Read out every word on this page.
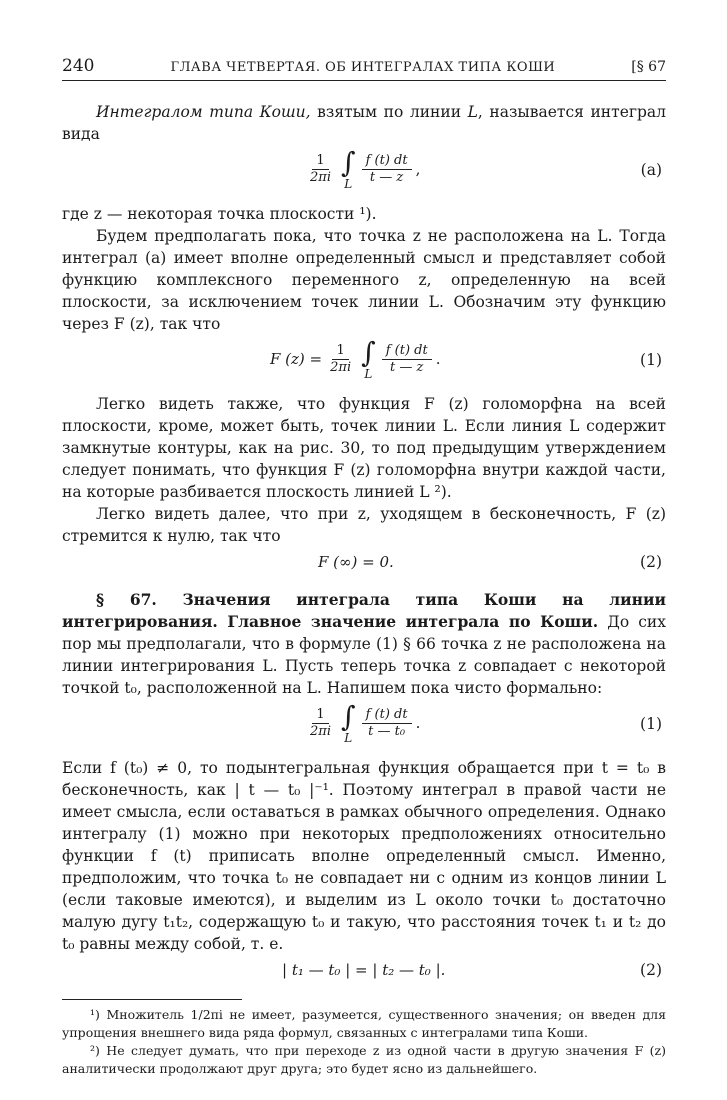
240	ГЛАВА ЧЕТВЕРТАЯ. ОБ ИНТЕГРАЛАХ ТИПА КОШИ	[§ 67

Интегралом типа Коши, взятым по линии L, называется интеграл вида

$\frac{1}{2\pi i}$ ∫
L $\frac{f (t) dt}{t — z}$ ,	(a)

где z — некоторая точка плоскости ¹).

Будем предполагать пока, что точка z не расположена на L. Тогда интеграл (a) имеет вполне определенный смысл и представляет собой функцию комплексного переменного z, определенную на всей плоскости, за исключением точек линии L. Обозначим эту функцию через F (z), так что

F $(z) = \frac{1}{2\pi i}$ ∫
L $\frac{f (t) dt}{t — z}$ .	(1)

Легко видеть также, что функция F (z) голоморфна на всей плоскости, кроме, может быть, точек линии L. Если линия L содержит замкнутые контуры, как на рис. 30, то под предыдущим утверждением следует понимать, что функция F (z) голоморфна внутри каждой части, на которые разбивается плоскость линией L ²).

Легко видеть далее, что при z, уходящем в бесконечность, F (z) стремится к нулю, так что

F (∞) = 0.	(2)

§ 67. Значения интеграла типа Коши на линии интегрирования. Главное значение интеграла по Коши. До сих пор мы предполагали, что в формуле (1) § 66 точка z не расположена на линии интегрирования L. Пусть теперь точка z совпадает с некоторой точкой t₀, расположенной на L. Напишем пока чисто формально:

$\frac{1}{2\pi i}$ ∫
L $\frac{f (t) dt}{\text{t — t₀}}$ .	(1)

Если f (t₀) ≠ 0, то подынтегральная функция обращается при t = t₀ в бесконечность, как | t — t₀ |⁻¹. Поэтому интеграл в правой части не имеет смысла, если оставаться в рамках обычного определения. Однако интегралу (1) можно при некоторых предположениях относительно функции f (t) приписать вполне определенный смысл. Именно, предположим, что точка t₀ не совпадает ни с одним из концов линии L (если таковые имеются), и выделим из L около точки t₀ достаточно малую дугу t₁t₂, содержащую t₀ и такую, что расстояния точек t₁ и t₂ до t₀ равны между собой, т. е.

| t₁ — t₀ | = | t₂ — t₀ |.	(2)

¹) Множитель 1/2πi не имеет, разумеется, существенного значения; он введен для упрощения внешнего вида ряда формул, связанных с интегралами типа Коши.

²) Не следует думать, что при переходе z из одной части в другую значения F (z) аналитически продолжают друг друга; это будет ясно из дальнейшего.
